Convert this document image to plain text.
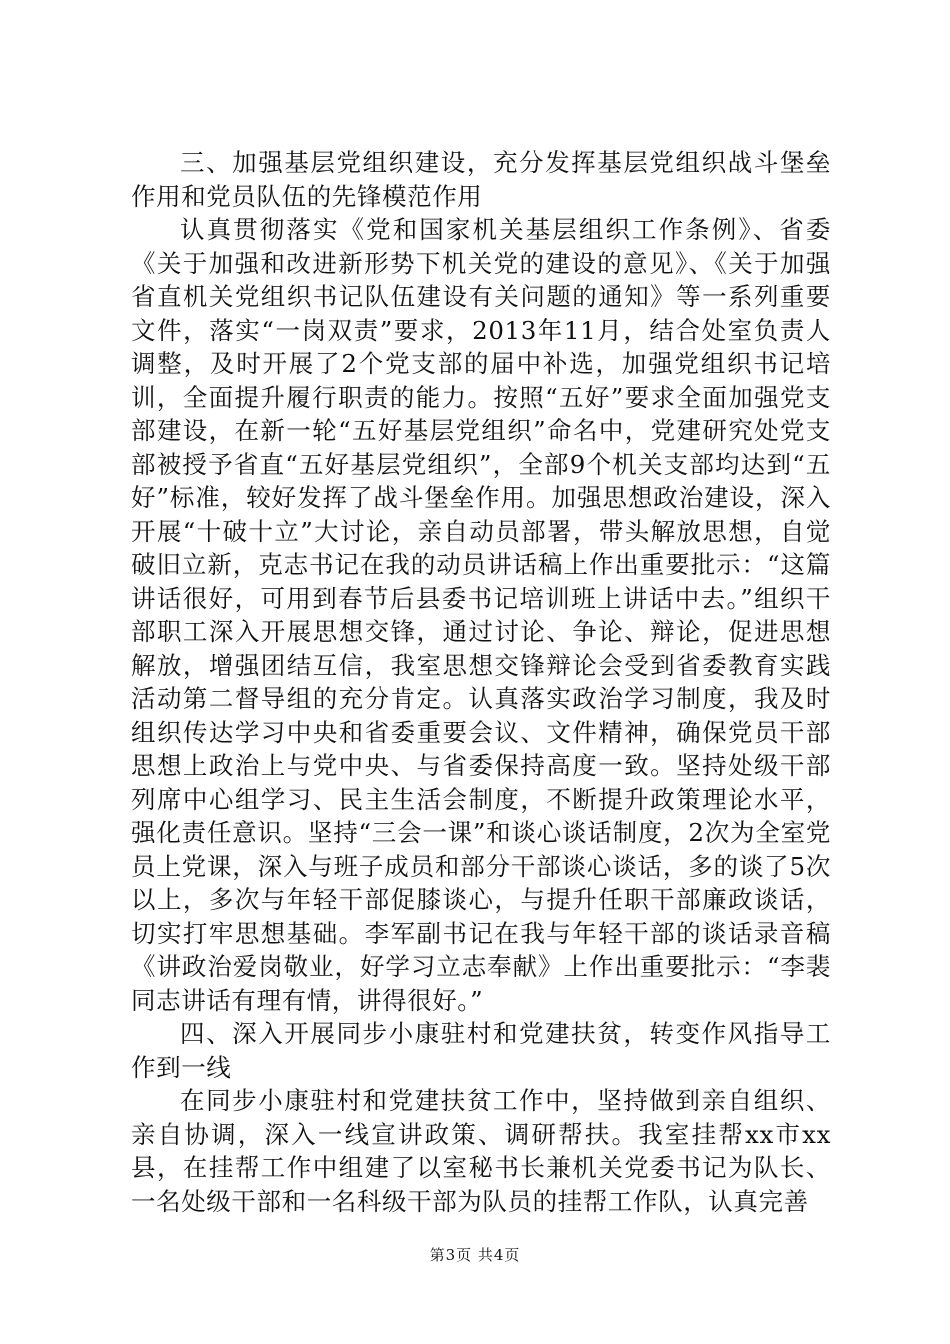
三、加强基层党组织建设，充分发挥基层党组织战斗堡垒作用和党员队伍的先锋模范作用

认真贯彻落实《党和国家机关基层组织工作条例》、省委《关于加强和改进新形势下机关党的建设的意见》、《关于加强省直机关党组织书记队伍建设有关问题的通知》等一系列重要文件，落实“一岗双责”要求，2013年11月，结合处室负责人调整，及时开展了2个党支部的届中补选，加强党组织书记培训，全面提升履行职责的能力。按照“五好”要求全面加强党支部建设，在新一轮“五好基层党组织”命名中，党建研究处党支部被授予省直“五好基层党组织”，全部9个机关支部均达到“五好”标准，较好发挥了战斗堡垒作用。加强思想政治建设，深入开展“十破十立”大讨论，亲自动员部署，带头解放思想，自觉破旧立新，克志书记在我的动员讲话稿上作出重要批示：“这篇讲话很好，可用到春节后县委书记培训班上讲话中去。”组织干部职工深入开展思想交锋，通过讨论、争论、辩论，促进思想解放，增强团结互信，我室思想交锋辩论会受到省委教育实践活动第二督导组的充分肯定。认真落实政治学习制度，我及时组织传达学习中央和省委重要会议、文件精神，确保党员干部思想上政治上与党中央、与省委保持高度一致。坚持处级干部列席中心组学习、民主生活会制度，不断提升政策理论水平，强化责任意识。坚持“三会一课”和谈心谈话制度，2次为全室党员上党课，深入与班子成员和部分干部谈心谈话，多的谈了5次以上，多次与年轻干部促膝谈心，与提升任职干部廉政谈话，切实打牢思想基础。李军副书记在我与年轻干部的谈话录音稿《讲政治爱岗敬业，好学习立志奉献》上作出重要批示：“李裴同志讲话有理有情，讲得很好。”

四、深入开展同步小康驻村和党建扶贫，转变作风指导工作到一线

在同步小康驻村和党建扶贫工作中，坚持做到亲自组织、亲自协调，深入一线宣讲政策、调研帮扶。我室挂帮xx市xx县，在挂帮工作中组建了以室秘书长兼机关党委书记为队长、一名处级干部和一名科级干部为队员的挂帮工作队，认真完善

第3页 共4页
